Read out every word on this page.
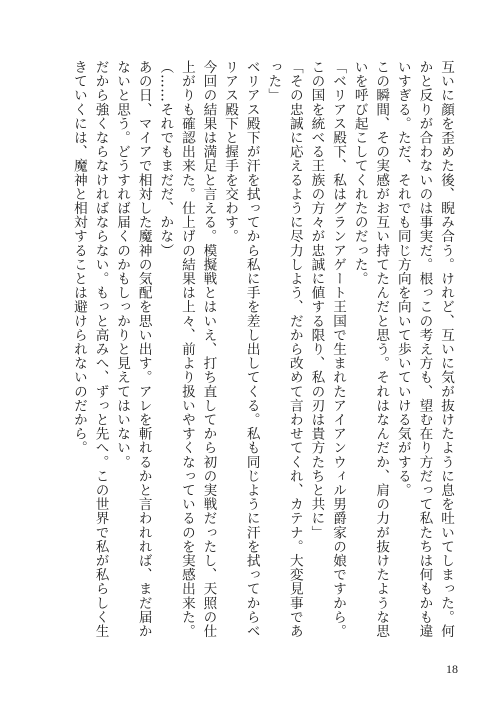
互いに顔を歪めた後、睨み合う。けれど、互いに気が抜けたように息を吐いてしまった。何かと反りが合わないのは事実だ。根っこの考え方も、望む在り方だって私たちは何もかも違いすぎる。ただ、それでも同じ方向を向いて歩いていける気がする。

この瞬間、その実感がお互い持てたんだと思う。それはなんだか、肩の力が抜けたような思いを呼び起こしてくれたのだった。

「ベリアス殿下、私はグランアゲート王国で生まれたアイアンウィル男爵家の娘ですから。この国を統べる王族の方々が忠誠に値する限り、私の刃は貴方たちと共に」

「その忠誠に応えるように尽力しよう、だから改めて言わせてくれ、カテナ。大変見事であった」

ベリアス殿下が汗を拭ってから私に手を差し出してくる。私も同じように汗を拭ってからベリアス殿下と握手を交わす。

今回の結果は満足と言える。模擬戦とはいえ、打ち直してから初の実戦だったし、天照の仕上がりも確認出来た。仕上げの結果は上々、前より扱いやすくなっているのを実感出来た。

（……それでもまだだ、かな）

あの日、マイアで相対した魔神の気配を思い出す。アレを斬れるかと言われれば、まだ届かないと思う。どうすれば届くのかもしっかりと見えてはいない。

だから強くならなければならない。もっと高みへ、ずっと先へ。この世界で私が私らしく生きていくには、魔神と相対することは避けられないのだから。

18
